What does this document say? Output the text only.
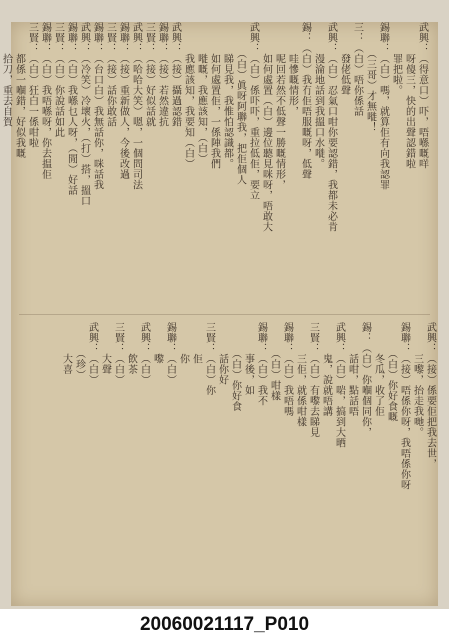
武興：（得意口）吓，唔喺嘅咩
　　　呀傻三，快的出聲認錯啦
　　　罪把啦。
錫聯：（白）嗎，就算佢有向我認罪
　　　（三哥）才無嘥！
三：（白）唔你係話
　　　發佬低聲
武興：（白）忍氣口咁你要認錯，我都未必肯
　　　漫淪地話到我搵口水嘥。
錫：（白）我冇佢唔服嘅呀，低聲
　　　哇慘嘅情形，
　　　呢回若然不低聲一勝嘅情形，
　　　如何處置（白）邊位聽見咪呀，唔敢大
武興：（白）係吓吓，重拉低佢，要立
　　　（白）眞呀阿聯我，把佢個人
　　　睇見我，我惟怕認識都。
　　　如何處置佢，一係陣我們
　　　嘥嘅，我應該知，（白）
　　　我應該知，我要知（白）
武興：（接）攝過認錯
錫聯：（接）若然違抗
三賢：（接）好似話就
武興：（哈哈大笑）嗯，一個問司法
錫聯：（接）重新做人，今後改過
三賢：（接）話你敢話
錫聯：（台口白）我無話你，咪話我
武興：（冷笑）冷壞火，（打）搭，搵口
錫聯：（白）我喺乜人呀，（閒）好話
三賢：（白）你說話如此
錫聯：（白）我唔喺呀，你去揾佢
三賢：（白）狂白一係咁啦
　　　都係一嗰錯，好似我嘅
　　　拾刀，重去自賀
武興：（接）係要佢把我去世，
　　　三嚟，抬走我哋。
錫聯：（接）唔係你呀，我唔係你呀
　　　（白）你好食嘅
　　　冬瓜，收了佢
錫：（白）你嗰個同你，
　　　話咁，點話唔
武興：（白）啱，搞到大晒
　　　鬼，說就唔講
三賢：（白）有嚟去睇見
　　　三佢，就係咁樣
錫聯：（白）我唔嗎
　　　（白）咁樣
錫聯：（白）我不
　　　事後，如
　　　（白）你好食
　　　話你好
三賢：（白）你
　　　佢
　　　你
錫聯：（白）
　　　嚟
武興：（白）
　　　飲茶
三賢：（白）
　　　大聲
武興：（白）
　　　（珍）
　　　大喜
20060021117_P010
